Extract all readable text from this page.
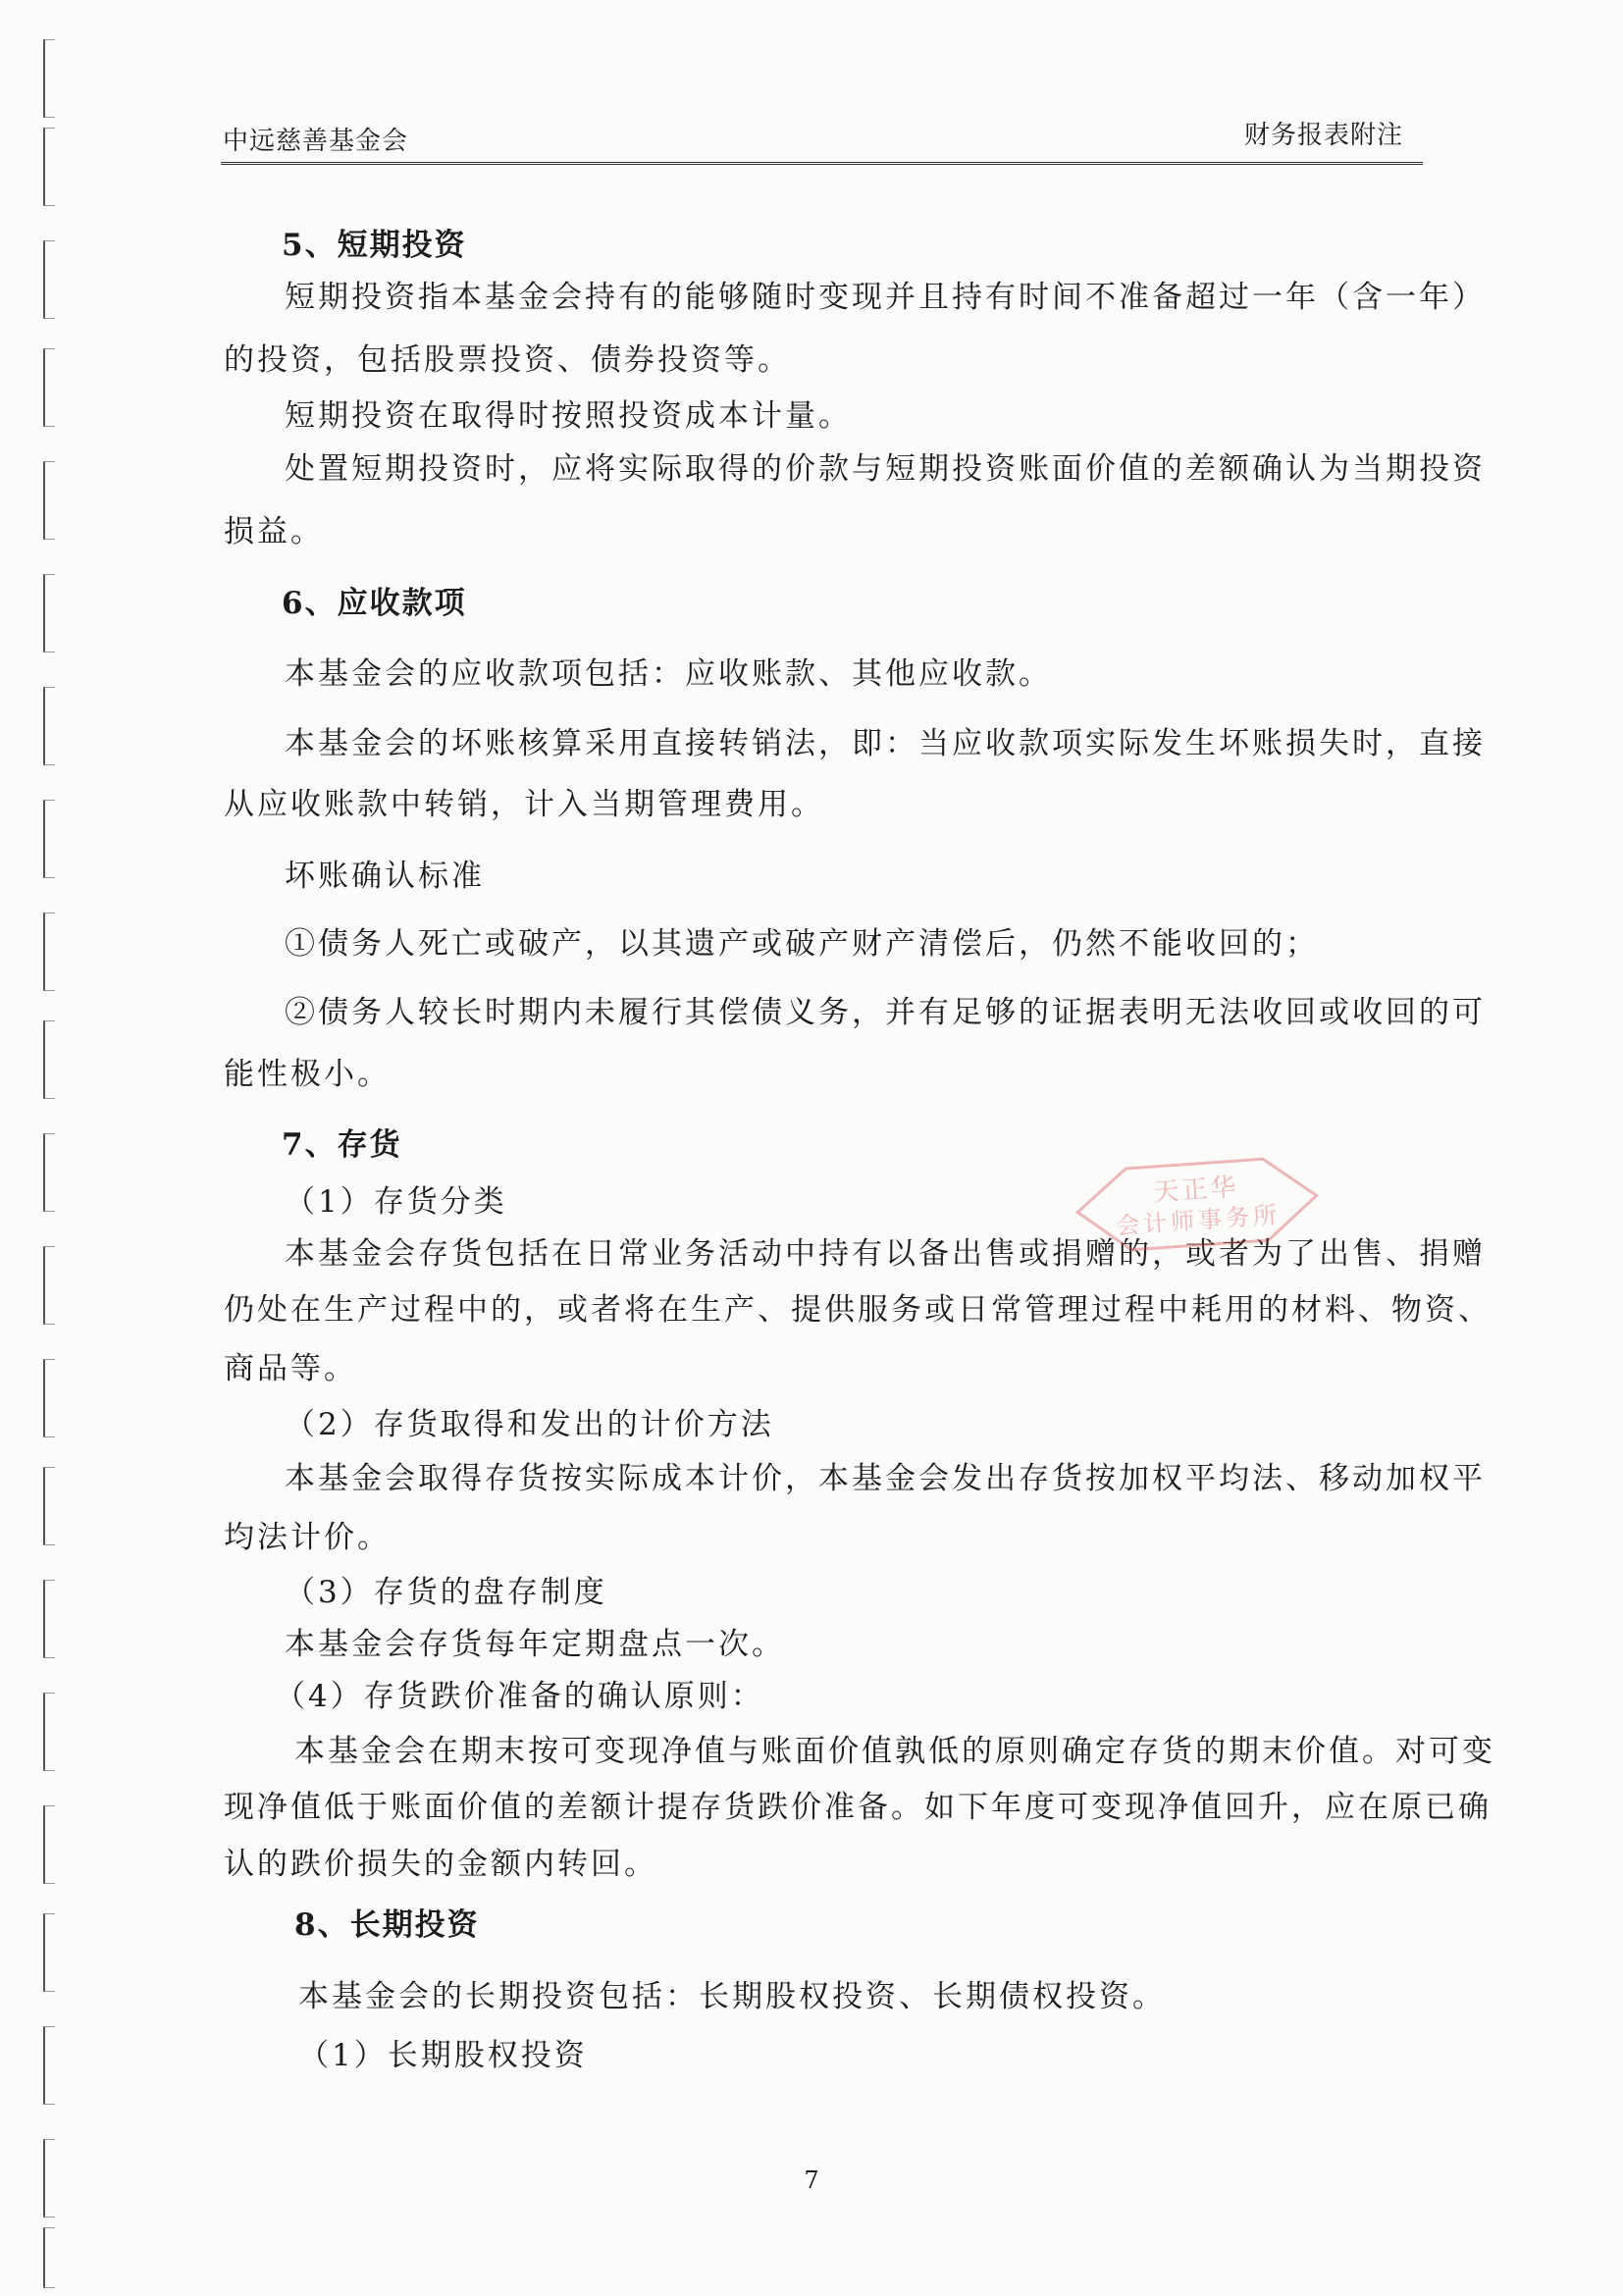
中远慈善基金会	财务报表附注
5、短期投资
短期投资指本基金会持有的能够随时变现并且持有时间不准备超过一年（含一年）
的投资，包括股票投资、债券投资等。
短期投资在取得时按照投资成本计量。
处置短期投资时，应将实际取得的价款与短期投资账面价值的差额确认为当期投资
损益。
6、应收款项
本基金会的应收款项包括：应收账款、其他应收款。
本基金会的坏账核算采用直接转销法，即：当应收款项实际发生坏账损失时，直接
从应收账款中转销，计入当期管理费用。
坏账确认标准
①债务人死亡或破产，以其遗产或破产财产清偿后，仍然不能收回的；
②债务人较长时期内未履行其偿债义务，并有足够的证据表明无法收回或收回的可
能性极小。
7、存货
（1）存货分类
本基金会存货包括在日常业务活动中持有以备出售或捐赠的，或者为了出售、捐赠
仍处在生产过程中的，或者将在生产、提供服务或日常管理过程中耗用的材料、物资、
商品等。
（2）存货取得和发出的计价方法
本基金会取得存货按实际成本计价，本基金会发出存货按加权平均法、移动加权平
均法计价。
（3）存货的盘存制度
本基金会存货每年定期盘点一次。
（4）存货跌价准备的确认原则：
本基金会在期末按可变现净值与账面价值孰低的原则确定存货的期末价值。对可变
现净值低于账面价值的差额计提存货跌价准备。如下年度可变现净值回升，应在原已确
认的跌价损失的金额内转回。
8、长期投资
本基金会的长期投资包括：长期股权投资、长期债权投资。
（1）长期股权投资
天正华
会计师事务所
7
